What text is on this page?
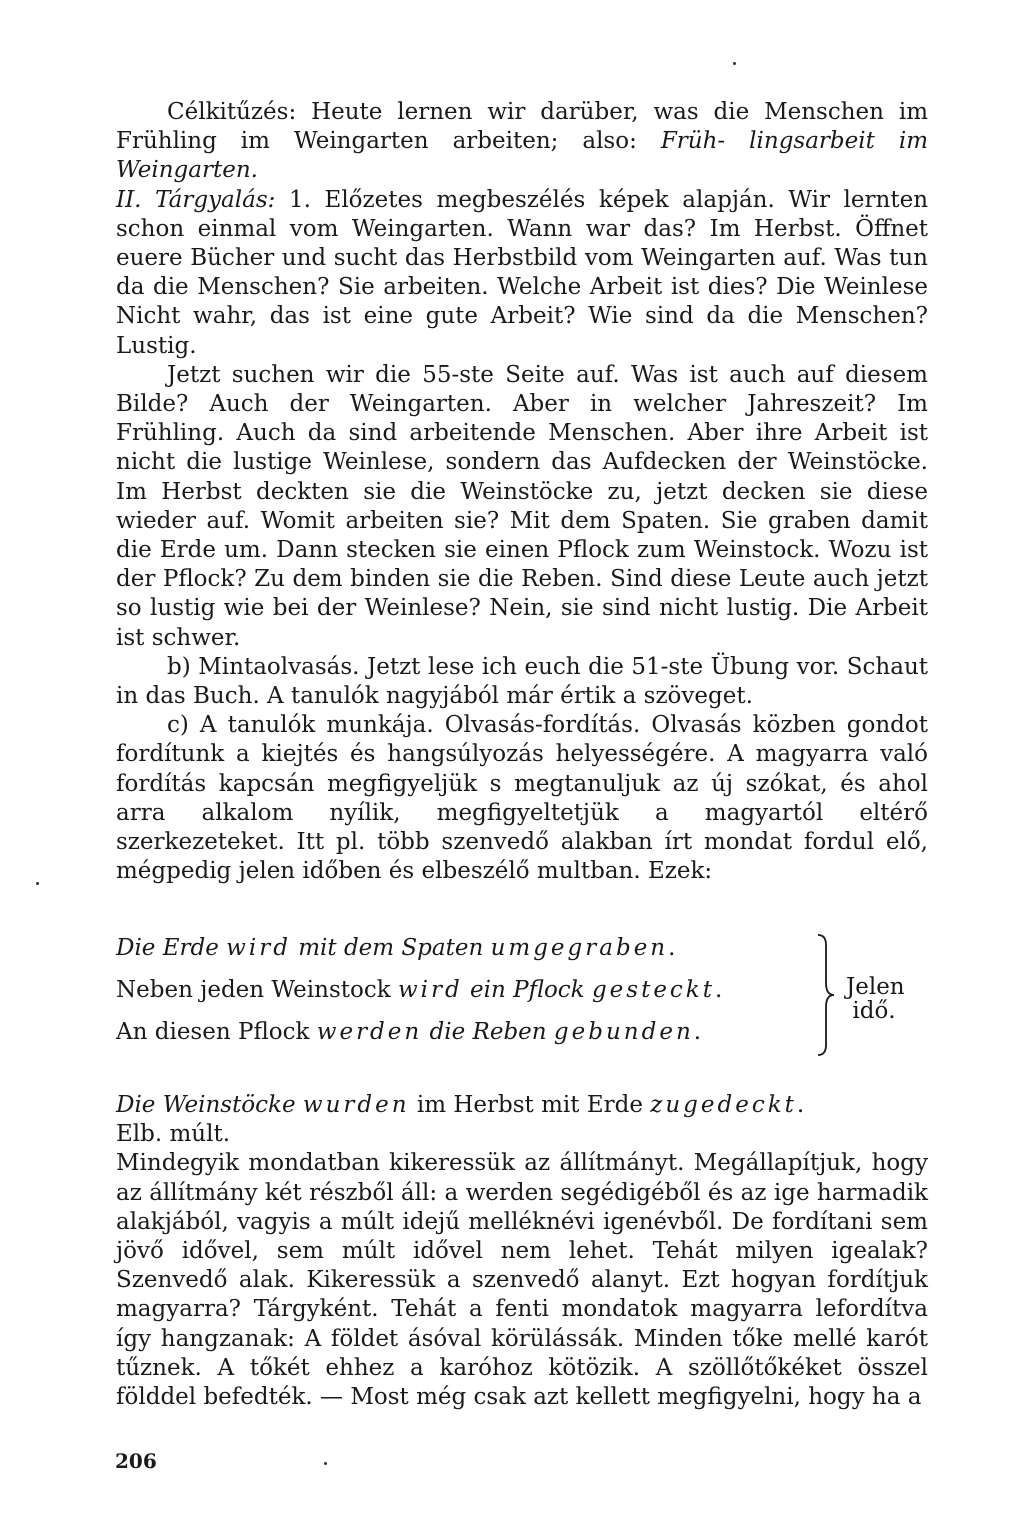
Célkitűzés: Heute lernen wir darüber, was die Menschen im Frühling im Weingarten arbeiten; also: Früh- lingsarbeit im Weingarten.

II. Tárgyalás: 1. Előzetes megbeszélés képek alapján. Wir lernten schon einmal vom Weingarten. Wann war das? Im Herbst. Öffnet euere Bücher und sucht das Herbstbild vom Weingarten auf. Was tun da die Menschen? Sie arbeiten. Welche Arbeit ist dies? Die Weinlese Nicht wahr, das ist eine gute Arbeit? Wie sind da die Menschen? Lustig.

Jetzt suchen wir die 55-ste Seite auf. Was ist auch auf diesem Bilde? Auch der Weingarten. Aber in welcher Jahreszeit? Im Frühling. Auch da sind arbeitende Menschen. Aber ihre Arbeit ist nicht die lustige Weinlese, sondern das Aufdecken der Weinstöcke. Im Herbst deckten sie die Weinstöcke zu, jetzt decken sie diese wieder auf. Womit arbeiten sie? Mit dem Spaten. Sie graben damit die Erde um. Dann stecken sie einen Pflock zum Weinstock. Wozu ist der Pflock? Zu dem binden sie die Reben. Sind diese Leute auch jetzt so lustig wie bei der Weinlese? Nein, sie sind nicht lustig. Die Arbeit ist schwer.

b) Mintaolvasás. Jetzt lese ich euch die 51-ste Übung vor. Schaut in das Buch. A tanulók nagyjából már értik a szöveget.

c) A tanulók munkája. Olvasás-fordítás. Olvasás közben gondot fordítunk a kiejtés és hangsúlyozás helyességére. A magyarra való fordítás kapcsán megfigyeljük s megtanuljuk az új szókat, és ahol arra alkalom nyílik, megfigyeltetjük a magyartól eltérő szerkezeteket. Itt pl. több szenvedő alakban írt mondat fordul elő, mégpedig jelen időben és elbeszélő multban. Ezek:

Die Erde wird mit dem Spaten umgegraben.
Neben jeden Weinstock wird ein Pflock gesteckt.
An diesen Pflock werden die Reben gebunden.
Jelen
idő.

Die Weinstöcke wurden im Herbst mit Erde zugedeckt.

Elb. múlt.

Mindegyik mondatban kikeressük az állítmányt. Megállapítjuk, hogy az állítmány két részből áll: a werden segédigéből és az ige harmadik alakjából, vagyis a múlt idejű melléknévi igenévből. De fordítani sem jövő idővel, sem múlt idővel nem lehet. Tehát milyen igealak? Szenvedő alak. Kikeressük a szenvedő alanyt. Ezt hogyan fordítjuk magyarra? Tárgyként. Tehát a fenti mondatok magyarra lefordítva így hangzanak: A földet ásóval körülássák. Minden tőke mellé karót tűznek. A tőkét ehhez a karóhoz kötözik. A szöllőtőkéket összel földdel befedték. — Most még csak azt kellett megfigyelni, hogy ha a

206
